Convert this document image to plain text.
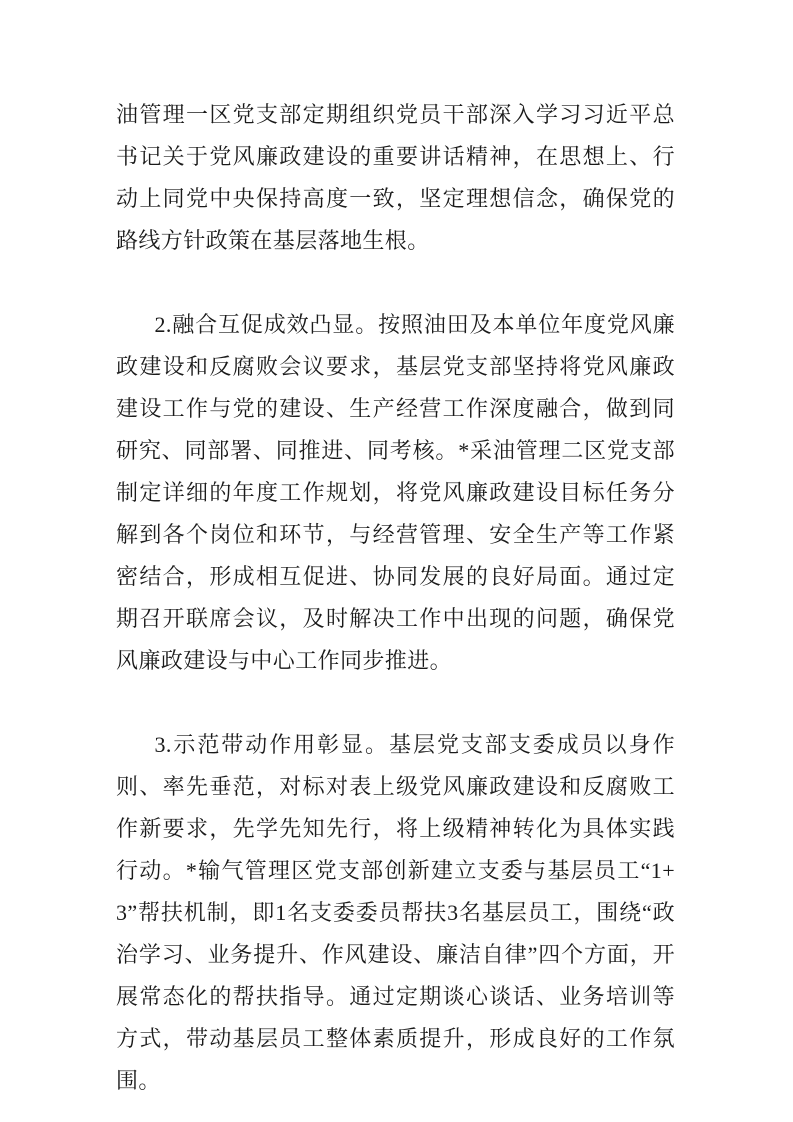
油管理一区党支部定期组织党员干部深入学习习近平总书记关于党风廉政建设的重要讲话精神，在思想上、行动上同党中央保持高度一致，坚定理想信念，确保党的路线方针政策在基层落地生根。

2.融合互促成效凸显。按照油田及本单位年度党风廉政建设和反腐败会议要求，基层党支部坚持将党风廉政建设工作与党的建设、生产经营工作深度融合，做到同研究、同部署、同推进、同考核。*采油管理二区党支部制定详细的年度工作规划，将党风廉政建设目标任务分解到各个岗位和环节，与经营管理、安全生产等工作紧密结合，形成相互促进、协同发展的良好局面。通过定期召开联席会议，及时解决工作中出现的问题，确保党风廉政建设与中心工作同步推进。

3.示范带动作用彰显。基层党支部支委成员以身作则、率先垂范，对标对表上级党风廉政建设和反腐败工作新要求，先学先知先行，将上级精神转化为具体实践行动。*输气管理区党支部创新建立支委与基层员工“1+3”帮扶机制，即1名支委委员帮扶3名基层员工，围绕“政治学习、业务提升、作风建设、廉洁自律”四个方面，开展常态化的帮扶指导。通过定期谈心谈话、业务培训等方式，带动基层员工整体素质提升，形成良好的工作氛围。
